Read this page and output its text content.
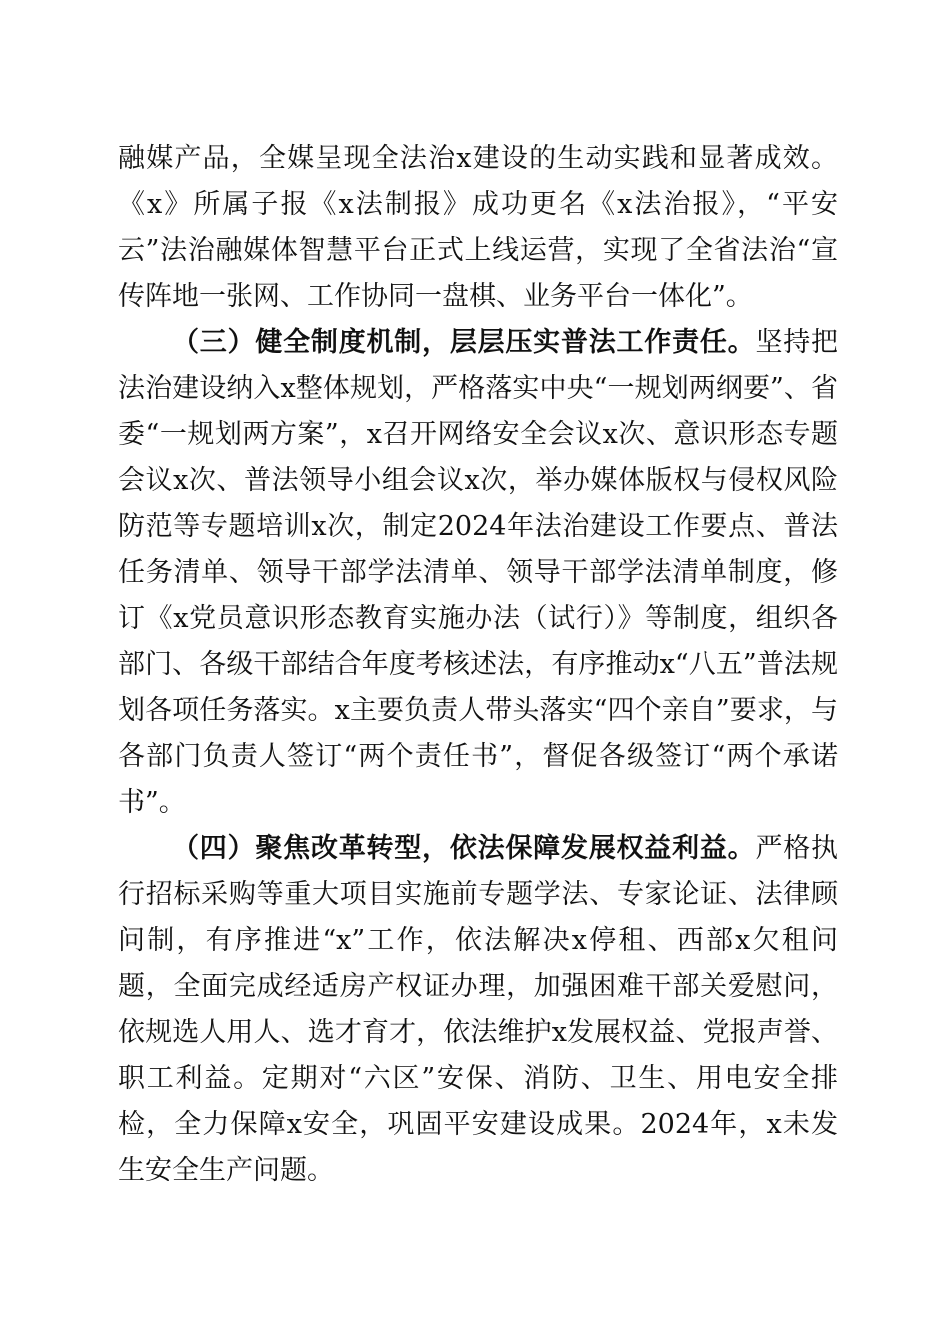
融媒产品，全媒呈现全法治x建设的生动实践和显著成效。《x》所属子报《x法制报》成功更名《x法治报》，“平安云”法治融媒体智慧平台正式上线运营，实现了全省法治“宣传阵地一张网、工作协同一盘棋、业务平台一体化”。

（三）健全制度机制，层层压实普法工作责任。坚持把法治建设纳入x整体规划，严格落实中央“一规划两纲要”、省委“一规划两方案”，x召开网络安全会议x次、意识形态专题会议x次、普法领导小组会议x次，举办媒体版权与侵权风险防范等专题培训x次，制定2024年法治建设工作要点、普法任务清单、领导干部学法清单、领导干部学法清单制度，修订《x党员意识形态教育实施办法（试行）》等制度，组织各部门、各级干部结合年度考核述法，有序推动x“八五”普法规划各项任务落实。x主要负责人带头落实“四个亲自”要求，与各部门负责人签订“两个责任书”，督促各级签订“两个承诺书”。

（四）聚焦改革转型，依法保障发展权益利益。严格执行招标采购等重大项目实施前专题学法、专家论证、法律顾问制，有序推进“x”工作，依法解决x停租、西部x欠租问题，全面完成经适房产权证办理，加强困难干部关爱慰问，依规选人用人、选才育才，依法维护x发展权益、党报声誉、职工利益。定期对“六区”安保、消防、卫生、用电安全排检，全力保障x安全，巩固平安建设成果。2024年，x未发生安全生产问题。
